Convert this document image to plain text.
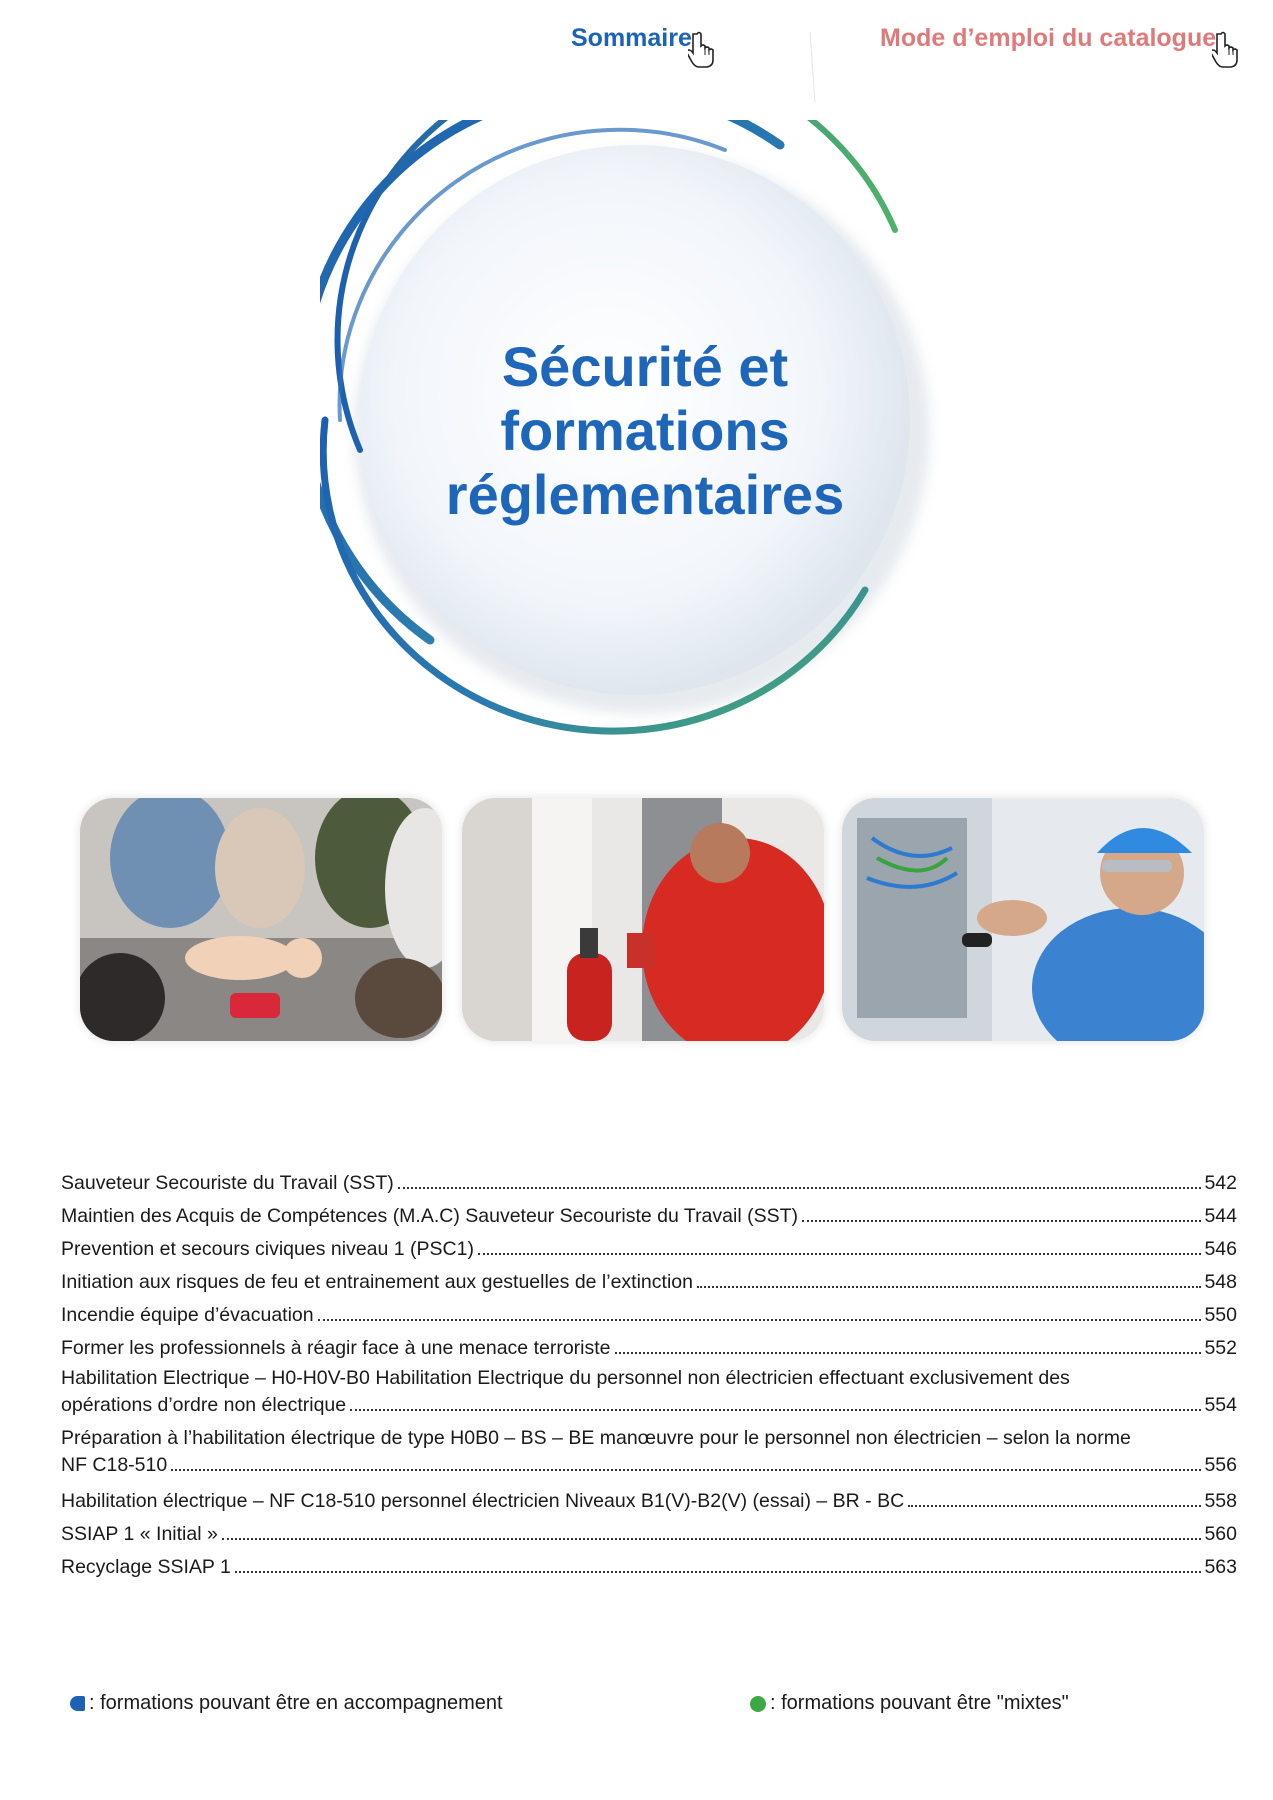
Sommaire	Mode d’emploi du catalogue
Sécurité et
formations
réglementaires
Sauveteur Secouriste du Travail (SST)	542
Maintien des Acquis de Compétences (M.A.C) Sauveteur Secouriste du Travail (SST)	544
Prevention et secours civiques niveau 1 (PSC1)	546
Initiation aux risques de feu et entrainement aux gestuelles de l’extinction	548
Incendie équipe d’évacuation	550
Former les professionnels à réagir face à une menace terroriste	552
Habilitation Electrique – H0-H0V-B0 Habilitation Electrique du personnel non électricien effectuant exclusivement des
opérations d’ordre non électrique	554
Préparation à l’habilitation électrique de type H0B0 – BS – BE manœuvre pour le personnel non électricien – selon la norme
NF C18-510	556
Habilitation électrique – NF C18-510 personnel électricien Niveaux B1(V)-B2(V) (essai) – BR - BC	558
SSIAP 1 « Initial »	560
Recyclage SSIAP 1	563
: formations pouvant être en accompagnement	: formations pouvant être "mixtes"
